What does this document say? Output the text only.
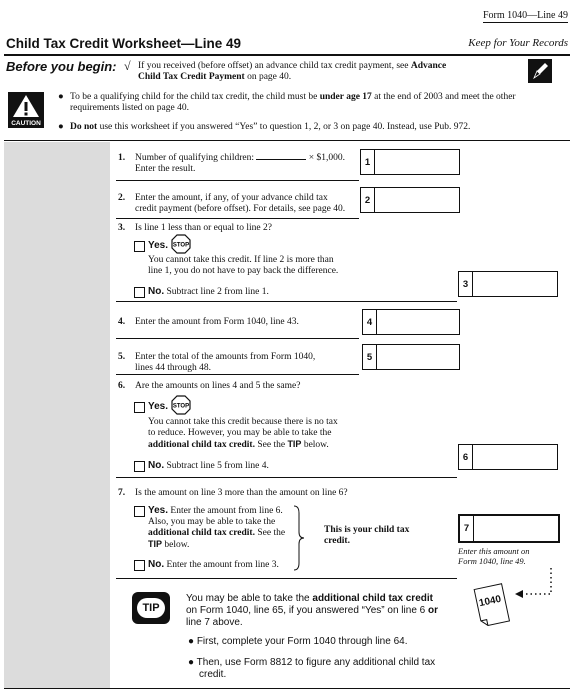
Form 1040—Line 49
Child Tax Credit Worksheet—Line 49	Keep for Your Records
Before you begin: √ If you received (before offset) an advance child tax credit payment, see Advance
Child Tax Credit Payment on page 40.
CAUTION
● To be a qualifying child for the child tax credit, the child must be under age 17 at the end of 2003 and meet the other
requirements listed on page 40.
● Do not use this worksheet if you answered “Yes” to question 1, 2, or 3 on page 40. Instead, use Pub. 972.
1. Number of qualifying children:	× $1,000.
Enter the result.
1
2. Enter the amount, if any, of your advance child tax
credit payment (before offset). For details, see page 40.
2
3. Is line 1 less than or equal to line 2?
Yes. STOP
You cannot take this credit. If line 2 is more than
line 1, you do not have to pay back the difference.
No. Subtract line 2 from line 1.
3
4. Enter the amount from Form 1040, line 43.	4
5. Enter the total of the amounts from Form 1040,
lines 44 through 48.
5
6. Are the amounts on lines 4 and 5 the same?
Yes. STOP
You cannot take this credit because there is no tax
to reduce. However, you may be able to take the
additional child tax credit. See the TIP below.
No. Subtract line 5 from line 4.
6
7. Is the amount on line 3 more than the amount on line 6?
Yes. Enter the amount from line 6.
Also, you may be able to take the
additional child tax credit. See the
TIP below.
No. Enter the amount from line 3.
This is your child tax
credit.
7
Enter this amount on
Form 1040, line 49.
TIP
You may be able to take the additional child tax credit
on Form 1040, line 65, if you answered “Yes” on line 6 or
line 7 above.
● First, complete your Form 1040 through line 64.
● Then, use Form 8812 to figure any additional child tax
credit.
1040
